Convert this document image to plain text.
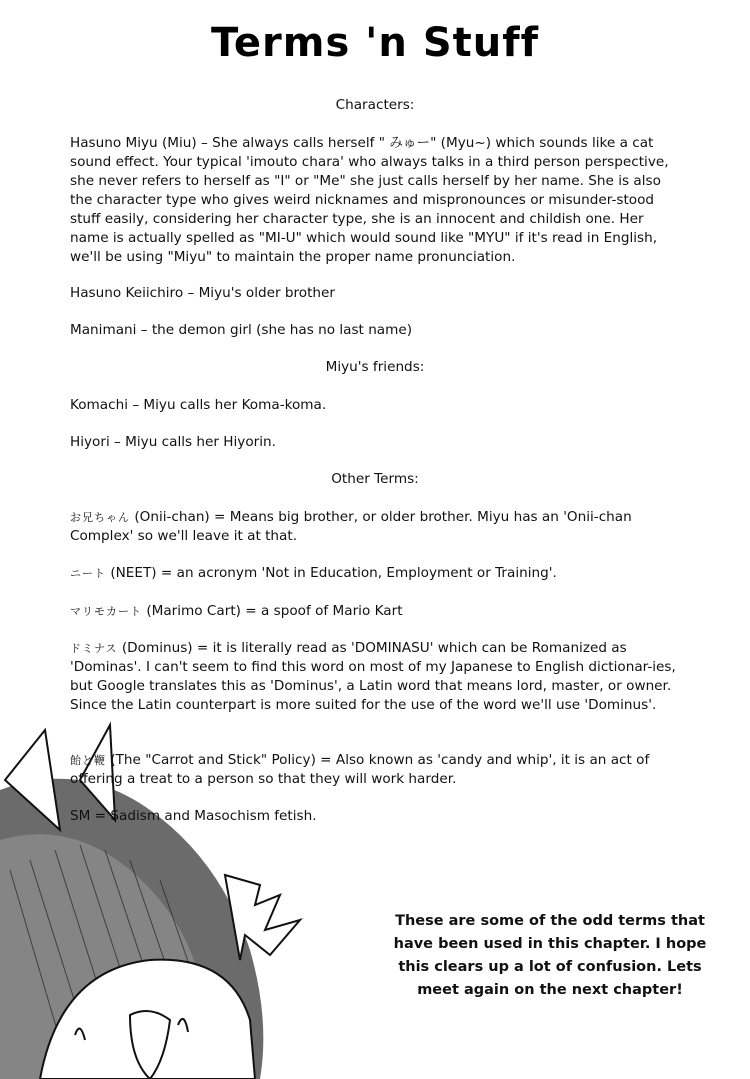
Terms 'n Stuff
Characters:
Hasuno Miyu (Miu) – She always calls herself " みゅー" (Myu~) which sounds like a cat sound effect. Your typical 'imouto chara' who always talks in a third person perspective, she never refers to herself as "I" or "Me" she just calls herself by her name. She is also the character type who gives weird nicknames and mispronounces or misunder-stood stuff easily, considering her character type, she is an innocent and childish one. Her name is actually spelled as "MI-U" which would sound like "MYU" if it's read in English, we'll be using "Miyu" to maintain the proper name pronunciation.
Hasuno Keiichiro – Miyu's older brother
Manimani – the demon girl (she has no last name)
Miyu's friends:
Komachi – Miyu calls her Koma-koma.
Hiyori – Miyu calls her Hiyorin.
Other Terms:
お兄ちゃん (Onii-chan) = Means big brother, or older brother. Miyu has an 'Onii-chan Complex' so we'll leave it at that.
ニート (NEET) = an acronym 'Not in Education, Employment or Training'.
マリモカート (Marimo Cart) = a spoof of Mario Kart
ドミナス (Dominus) = it is literally read as 'DOMINASU' which can be Romanized as 'Dominas'. I can't seem to find this word on most of my Japanese to English dictionar-ies, but Google translates this as 'Dominus', a Latin word that means lord, master, or owner. Since the Latin counterpart is more suited for the use of the word we'll use 'Dominus'.
飴と鞭 (The "Carrot and Stick" Policy) = Also known as 'candy and whip', it is an act of offering a treat to a person so that they will work harder.
SM = Sadism and Masochism fetish.
These are some of the odd terms that have been used in this chapter. I hope this clears up a lot of confusion. Lets meet again on the next chapter!
